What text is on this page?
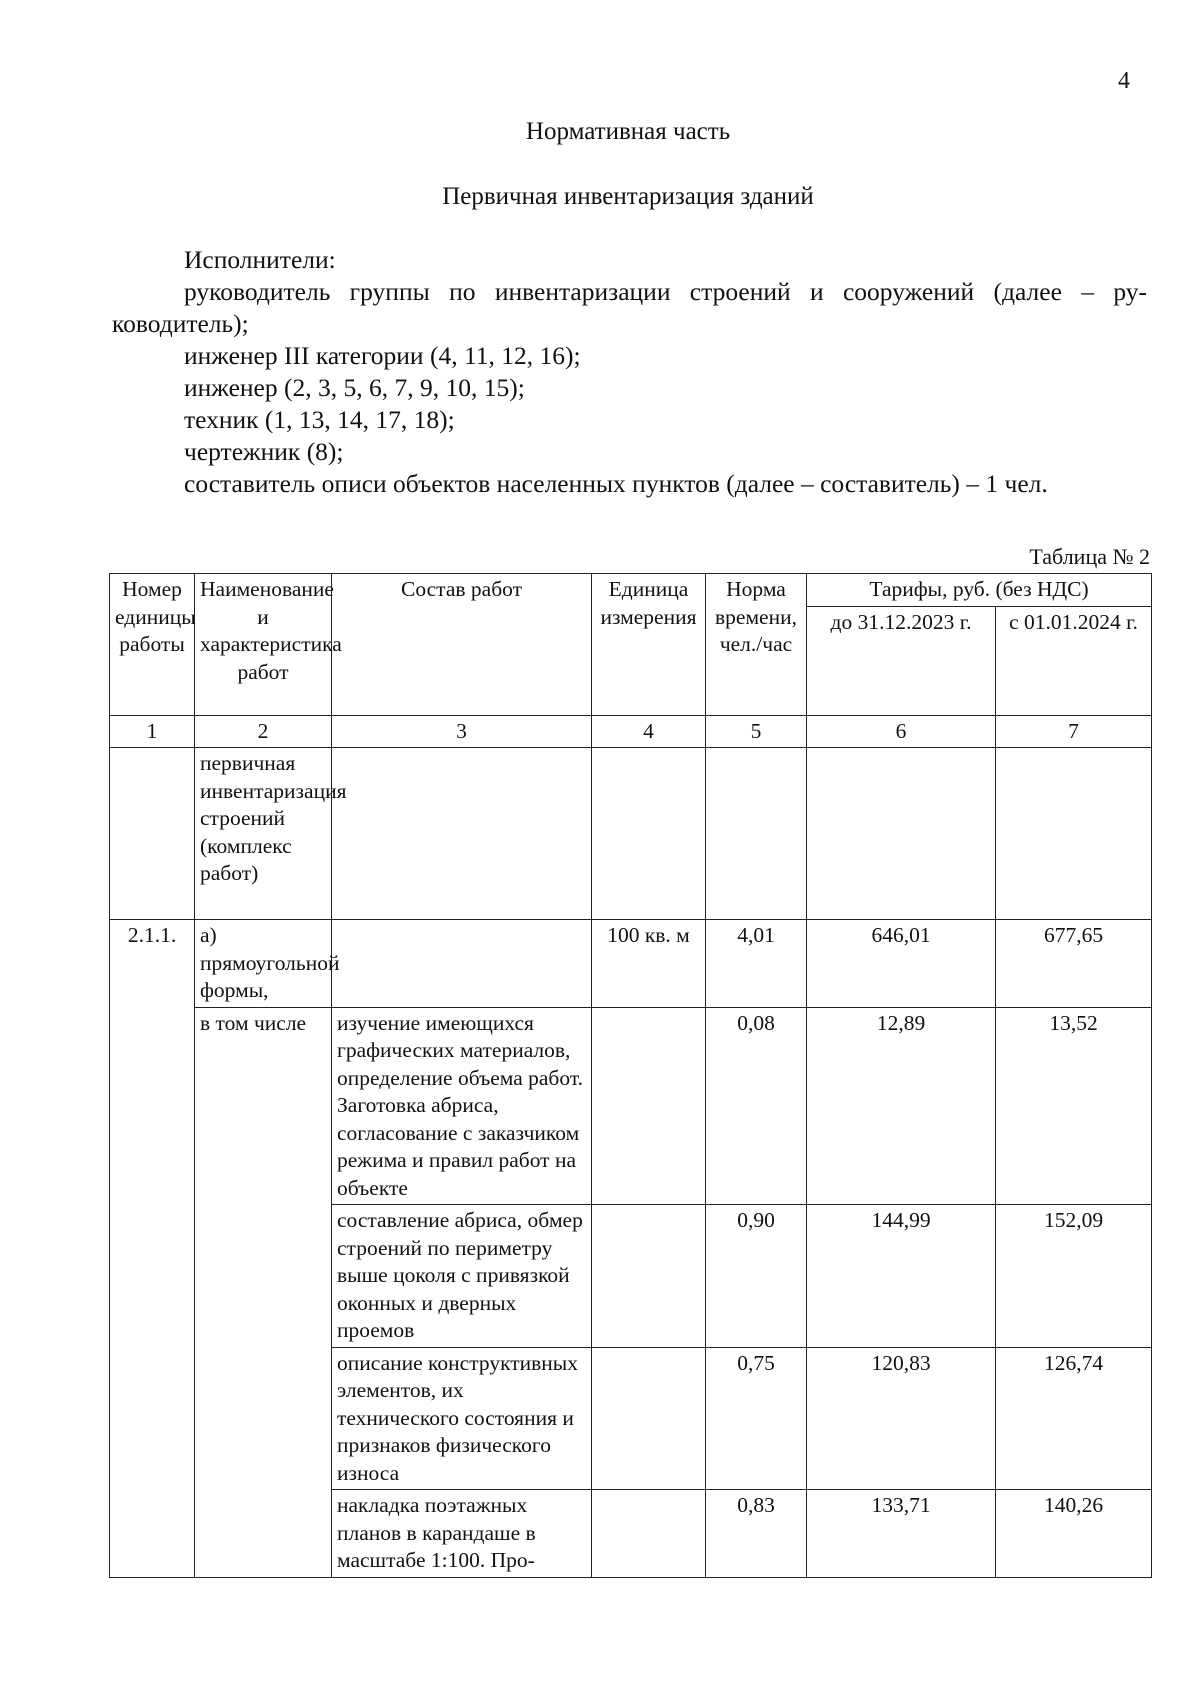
4
Нормативная часть
Первичная инвентаризация зданий
Исполнители:
руководитель группы по инвентаризации строений и сооружений (далее – ру-
ководитель);
инженер III категории (4, 11, 12, 16);
инженер (2, 3, 5, 6, 7, 9, 10, 15);
техник (1, 13, 14, 17, 18);
чертежник (8);
составитель описи объектов населенных пунктов (далее – составитель) – 1 чел.
Таблица № 2
Номер единицы работы	Наименование и характеристика работ	Состав работ	Единица измерения	Норма времени, чел./час	Тарифы, руб. (без НДС)	
					до 31.12.2023 г.	с 01.01.2024 г.
1	2	3	4	5	6	7
	первичная инвентаризация строений (комплекс работ)					
2.1.1.	а) прямоугольной формы,		100 кв. м	4,01	646,01	677,65
	в том числе	изучение имеющихся графических материалов, определение объема работ. Заготовка абриса, согласование с заказчиком режима и правил работ на объекте		0,08	12,89	13,52
		составление абриса, обмер строений по периметру выше цоколя с привязкой оконных и дверных проемов		0,90	144,99	152,09
		описание конструктивных элементов, их технического состояния и признаков физического износа		0,75	120,83	126,74
		накладка поэтажных планов в карандаше в масштабе 1:100. Про-		0,83	133,71	140,26
